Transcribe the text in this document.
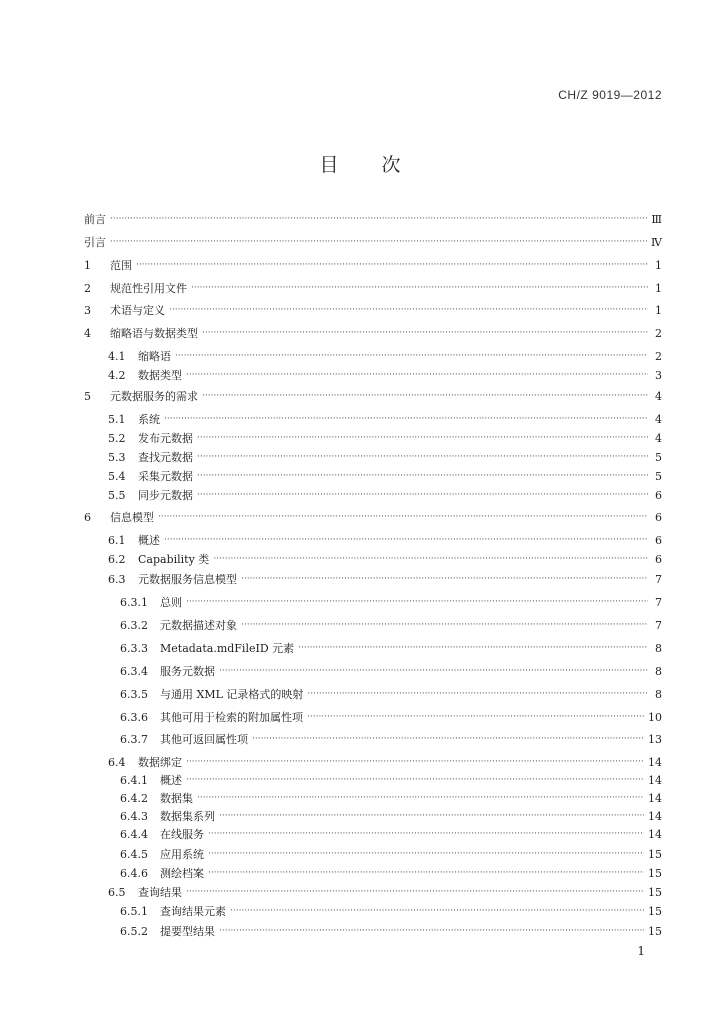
CH/Z 9019—2012
目 次
前言 ·····	Ⅲ
引言 ·····	Ⅳ
1	范围 ·····	1
2	规范性引用文件 ·····	1
3	术语与定义 ·····	1
4	缩略语与数据类型 ·····	2
4.1	缩略语 ·····	2
4.2	数据类型 ·····	3
5	元数据服务的需求 ·····	4
5.1	系统 ·····	4
5.2	发布元数据 ·····	4
5.3	查找元数据 ·····	5
5.4	采集元数据 ·····	5
5.5	同步元数据 ·····	6
6	信息模型 ·····	6
6.1	概述 ·····	6
6.2	Capability 类 ·····	6
6.3	元数据服务信息模型 ·····	7
6.3.1	总则 ·····	7
6.3.2	元数据描述对象 ·····	7
6.3.3	Metadata.mdFileID 元素 ·····	8
6.3.4	服务元数据 ·····	8
6.3.5	与通用 XML 记录格式的映射 ·····	8
6.3.6	其他可用于检索的附加属性项 ·····	10
6.3.7	其他可返回属性项 ·····	13
6.4	数据绑定 ·····	14
6.4.1	概述 ·····	14
6.4.2	数据集 ·····	14
6.4.3	数据集系列 ·····	14
6.4.4	在线服务 ·····	14
6.4.5	应用系统 ·····	15
6.4.6	测绘档案 ·····	15
6.5	查询结果 ·····	15
6.5.1	查询结果元素 ·····	15
6.5.2	提要型结果 ·····	15
1
